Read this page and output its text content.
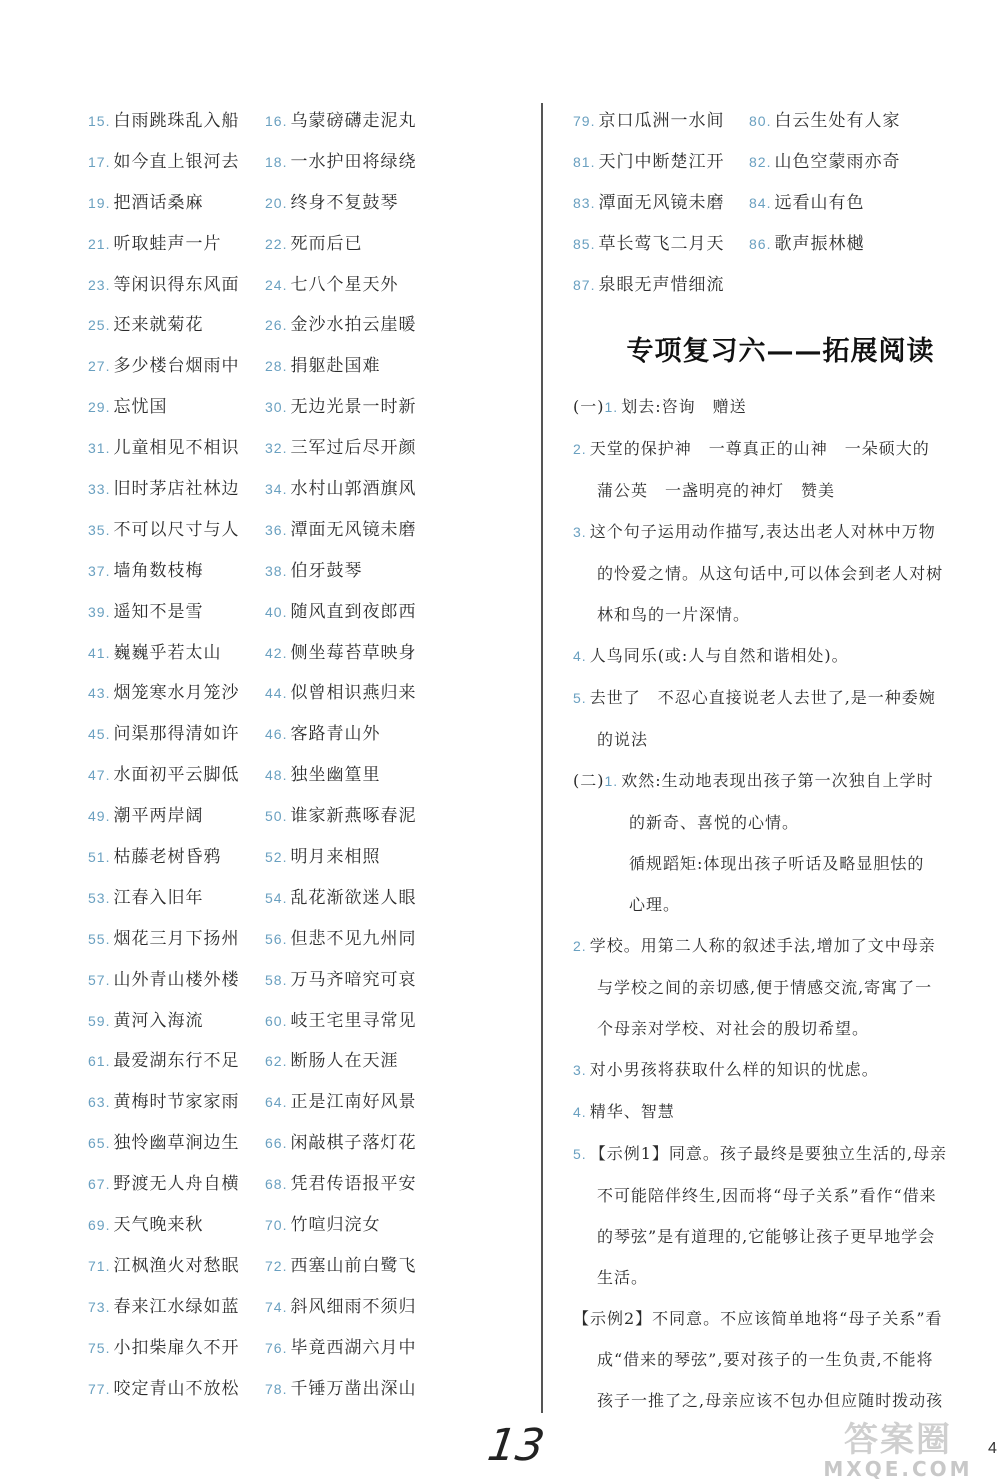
15. 白雨跳珠乱入船 16. 乌蒙磅礴走泥丸
17. 如今直上银河去 18. 一水护田将绿绕
19. 把酒话桑麻	20. 终身不复鼓琴
21. 听取蛙声一片	22. 死而后已
23. 等闲识得东风面 24. 七八个星天外
25. 还来就菊花	26. 金沙水拍云崖暖
27. 多少楼台烟雨中 28. 捐躯赴国难
29. 忘忧国	30. 无边光景一时新
31. 儿童相见不相识 32. 三军过后尽开颜
33. 旧时茅店社林边 34. 水村山郭酒旗风
35. 不可以尺寸与人 36. 潭面无风镜未磨
37. 墙角数枝梅	38. 伯牙鼓琴
39. 遥知不是雪	40. 随风直到夜郎西
41. 巍巍乎若太山	42. 侧坐莓苔草映身
43. 烟笼寒水月笼沙 44. 似曾相识燕归来
45. 问渠那得清如许 46. 客路青山外
47. 水面初平云脚低 48. 独坐幽篁里
49. 潮平两岸阔	50. 谁家新燕啄春泥
51. 枯藤老树昏鸦	52. 明月来相照
53. 江春入旧年	54. 乱花渐欲迷人眼
55. 烟花三月下扬州 56. 但悲不见九州同
57. 山外青山楼外楼 58. 万马齐喑究可哀
59. 黄河入海流	60. 岐王宅里寻常见
61. 最爱湖东行不足 62. 断肠人在天涯
63. 黄梅时节家家雨 64. 正是江南好风景
65. 独怜幽草涧边生 66. 闲敲棋子落灯花
67. 野渡无人舟自横 68. 凭君传语报平安
69. 天气晚来秋	70. 竹喧归浣女
71. 江枫渔火对愁眠 72. 西塞山前白鹭飞
73. 春来江水绿如蓝 74. 斜风细雨不须归
75. 小扣柴扉久不开 76. 毕竟西湖六月中
77. 咬定青山不放松 78. 千锤万凿出深山
79. 京口瓜洲一水间 80. 白云生处有人家
81. 天门中断楚江开 82. 山色空蒙雨亦奇
83. 潭面无风镜未磨 84. 远看山有色
85. 草长莺飞二月天 86. 歌声振林樾
87. 泉眼无声惜细流
专项复习六——拓展阅读
(一)1. 划去:咨询　赠送
2. 天堂的保护神　一尊真正的山神　一朵硕大的
蒲公英　一盏明亮的神灯　赞美
3. 这个句子运用动作描写,表达出老人对林中万物
的怜爱之情。从这句话中,可以体会到老人对树
林和鸟的一片深情。
4. 人鸟同乐(或:人与自然和谐相处)。
5. 去世了　不忍心直接说老人去世了,是一种委婉
的说法
(二)1. 欢然:生动地表现出孩子第一次独自上学时
的新奇、喜悦的心情。
循规蹈矩:体现出孩子听话及略显胆怯的
心理。
2. 学校。用第二人称的叙述手法,增加了文中母亲
与学校之间的亲切感,便于情感交流,寄寓了一
个母亲对学校、对社会的殷切希望。
3. 对小男孩将获取什么样的知识的忧虑。
4. 精华、智慧
5. 【示例1】同意。孩子最终是要独立生活的,母亲
不可能陪伴终生,因而将“母子关系”看作“借来
的琴弦”是有道理的,它能够让孩子更早地学会
生活。
【示例2】不同意。不应该简单地将“母子关系”看
成“借来的琴弦”,要对孩子的一生负责,不能将
孩子一推了之,母亲应该不包办但应随时拨动孩
13	4
答案圈
MXQE.COM
